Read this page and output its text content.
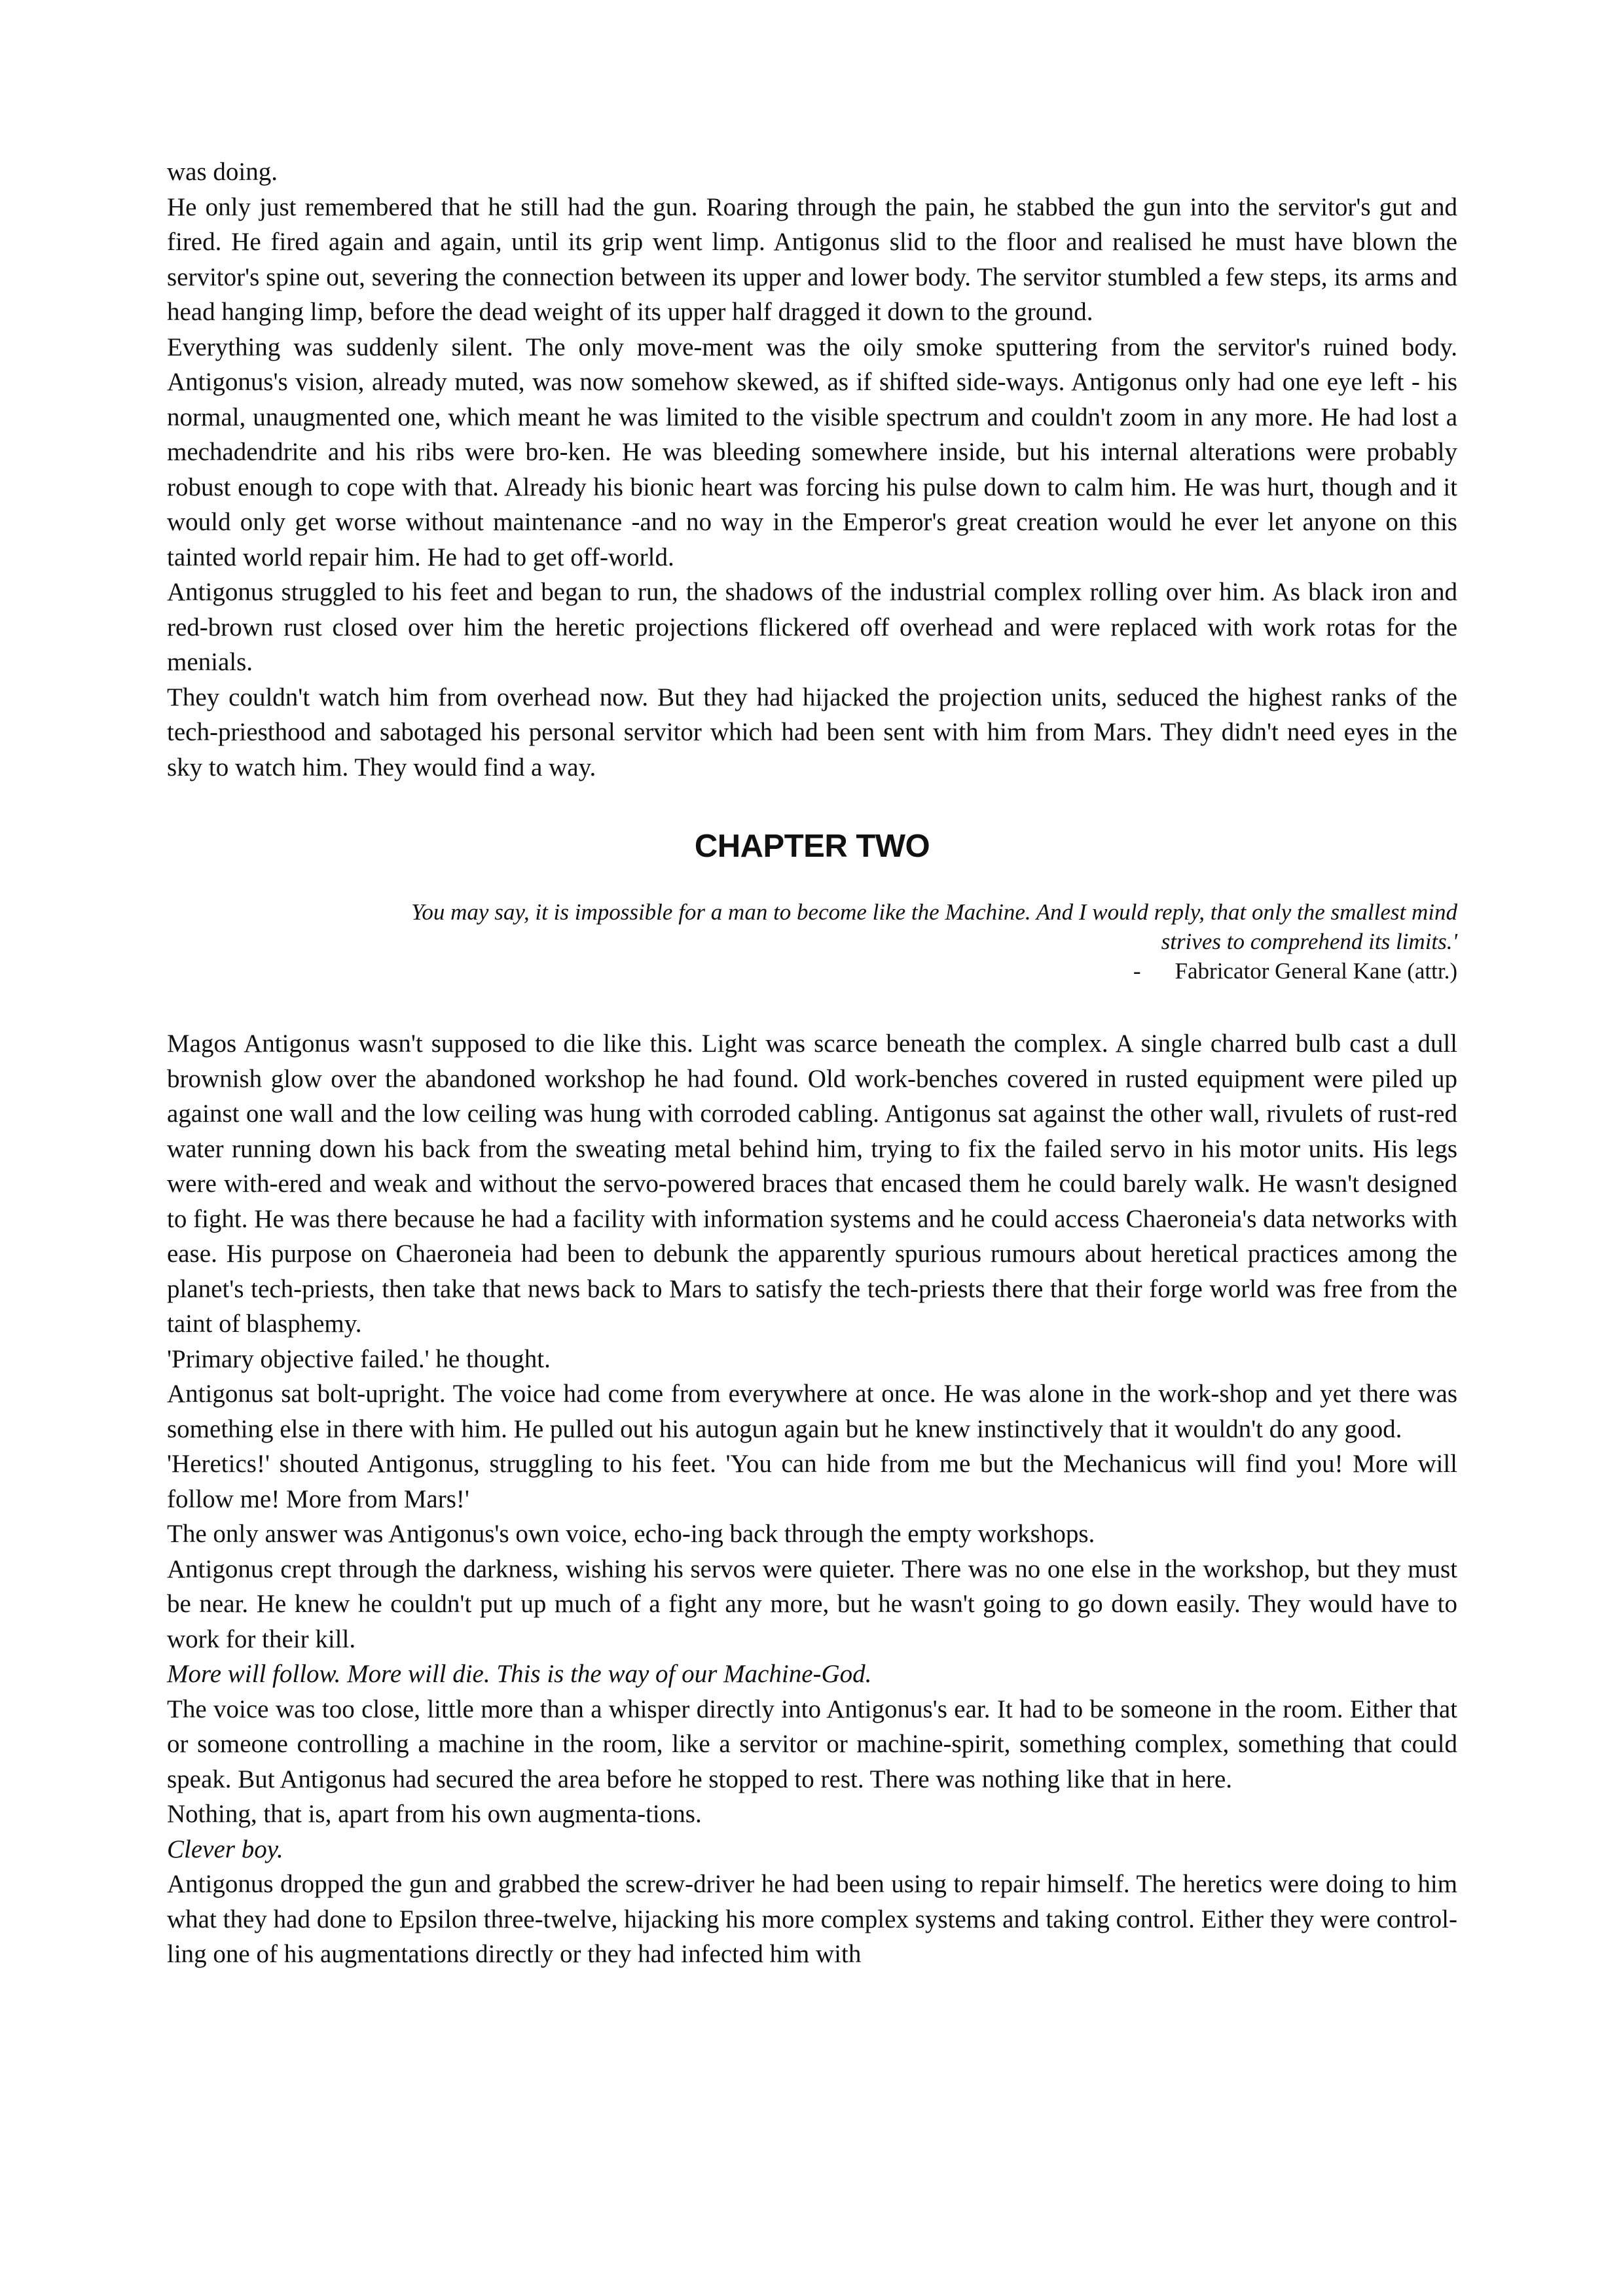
was doing.

He only just remembered that he still had the gun. Roaring through the pain, he stabbed the gun into the servitor's gut and fired. He fired again and again, until its grip went limp. Antigonus slid to the floor and realised he must have blown the servitor's spine out, severing the connection between its upper and lower body. The servitor stumbled a few steps, its arms and head hanging limp, before the dead weight of its upper half dragged it down to the ground.

Everything was suddenly silent. The only move-ment was the oily smoke sputtering from the servitor's ruined body. Antigonus's vision, already muted, was now somehow skewed, as if shifted side-ways. Antigonus only had one eye left - his normal, unaugmented one, which meant he was limited to the visible spectrum and couldn't zoom in any more. He had lost a mechadendrite and his ribs were bro-ken. He was bleeding somewhere inside, but his internal alterations were probably robust enough to cope with that. Already his bionic heart was forcing his pulse down to calm him. He was hurt, though and it would only get worse without maintenance -and no way in the Emperor's great creation would he ever let anyone on this tainted world repair him. He had to get off-world.

Antigonus struggled to his feet and began to run, the shadows of the industrial complex rolling over him. As black iron and red-brown rust closed over him the heretic projections flickered off overhead and were replaced with work rotas for the menials.

They couldn't watch him from overhead now. But they had hijacked the projection units, seduced the highest ranks of the tech-priesthood and sabotaged his personal servitor which had been sent with him from Mars. They didn't need eyes in the sky to watch him. They would find a way.

CHAPTER TWO
You may say, it is impossible for a man to become like the Machine. And I would reply, that only the smallest mind
strives to comprehend its limits.'
- Fabricator General Kane (attr.)

Magos Antigonus wasn't supposed to die like this. Light was scarce beneath the complex. A single charred bulb cast a dull brownish glow over the abandoned workshop he had found. Old work-benches covered in rusted equipment were piled up against one wall and the low ceiling was hung with corroded cabling. Antigonus sat against the other wall, rivulets of rust-red water running down his back from the sweating metal behind him, trying to fix the failed servo in his motor units. His legs were with-ered and weak and without the servo-powered braces that encased them he could barely walk. He wasn't designed to fight. He was there because he had a facility with information systems and he could access Chaeroneia's data networks with ease. His purpose on Chaeroneia had been to debunk the apparently spurious rumours about heretical practices among the planet's tech-priests, then take that news back to Mars to satisfy the tech-priests there that their forge world was free from the taint of blasphemy.

'Primary objective failed.' he thought.

Antigonus sat bolt-upright. The voice had come from everywhere at once. He was alone in the work-shop and yet there was something else in there with him. He pulled out his autogun again but he knew instinctively that it wouldn't do any good.

'Heretics!' shouted Antigonus, struggling to his feet. 'You can hide from me but the Mechanicus will find you! More will follow me! More from Mars!'

The only answer was Antigonus's own voice, echo-ing back through the empty workshops.

Antigonus crept through the darkness, wishing his servos were quieter. There was no one else in the workshop, but they must be near. He knew he couldn't put up much of a fight any more, but he wasn't going to go down easily. They would have to work for their kill.

More will follow. More will die. This is the way of our Machine-God.

The voice was too close, little more than a whisper directly into Antigonus's ear. It had to be someone in the room. Either that or someone controlling a machine in the room, like a servitor or machine-spirit, something complex, something that could speak. But Antigonus had secured the area before he stopped to rest. There was nothing like that in here.

Nothing, that is, apart from his own augmenta-tions.

Clever boy.

Antigonus dropped the gun and grabbed the screw-driver he had been using to repair himself. The heretics were doing to him what they had done to Epsilon three-twelve, hijacking his more complex systems and taking control. Either they were control-ling one of his augmentations directly or they had infected him with
